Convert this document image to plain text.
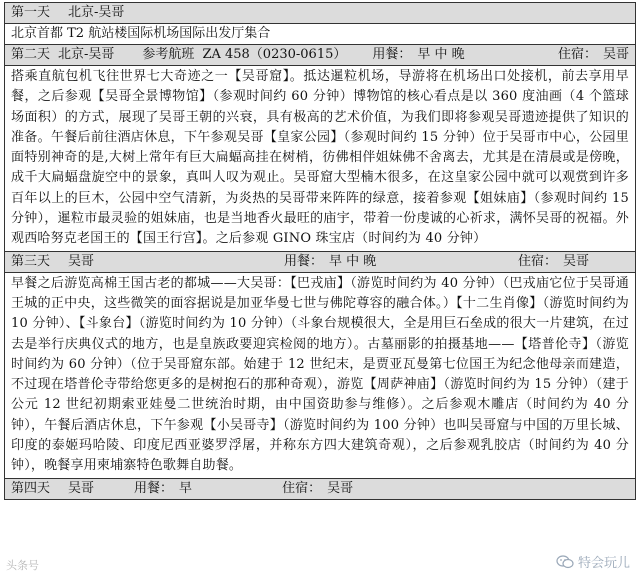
第一天 北京-吴哥
北京首都 T2 航站楼国际机场国际出发厅集合
第二天 北京-吴哥 参考航班 ZA 458（0230-0615） 用餐： 早 中 晚	住宿： 吴哥

搭乘直航包机飞往世界七大奇迹之一【吴哥窟】。抵达暹粒机场，导游将在机场出口处接机，前去享用早餐，之后参观【吴哥全景博物馆】（参观时间约 60 分钟）博物馆的核心看点是以 360 度油画（4 个篮球场面积）的方式，展现了吴哥王朝的兴衰，具有极高的艺术价值，为我们即将参观吴哥遗迹提供了知识的准备。午餐后前往酒店休息，下午参观吴哥【皇家公园】（参观时间约 15 分钟）位于吴哥市中心，公园里面特别神奇的是,大树上常年有巨大扁蝠高挂在树梢，彷佛相伴姐妹佛不舍离去，尤其是在清晨或是傍晚，成千大扁蝠盘旋空中的景象，真叫人叹为观止。吴哥窟大型楠木很多，在这皇家公园中就可以观赏到许多百年以上的巨木，公园中空气清新，为炎热的吴哥带来阵阵的绿意，接着参观【姐妹庙】（参观时间约 15 分钟），暹粒市最灵验的姐妹庙，也是当地香火最旺的庙宇，带着一份虔诚的心祈求，满怀吴哥的祝福。外观西哈努克老国王的【国王行宫】。之后参观 GINO 珠宝店（时间约为 40 分钟）

第三天 吴哥	用餐： 早 中 晚	住宿： 吴哥

早餐之后游览高棉王国古老的都城——大吴哥：【巴戎庙】（游览时间约为 40 分钟）（巴戎庙它位于吴哥通王城的正中央，这些微笑的面容据说是加亚华曼七世与佛陀尊容的融合体。）【十二生肖像】（游览时间约为 10 分钟）、【斗象台】（游览时间约为 10 分钟）（斗象台规模很大，全是用巨石垒成的很大一片建筑，在过去是举行庆典仪式的地方，也是皇族政要迎宾检阅的地方）。古墓丽影的拍摄基地——【塔普伦寺】（游览时间约为 60 分钟）（位于吴哥窟东部。始建于 12 世纪末，是贾亚瓦曼第七位国王为纪念他母亲而建造，不过现在塔普伦寺带给您更多的是树抱石的那种奇观），游览【周萨神庙】（游览时间约为 15 分钟）（建于公元 12 世纪初期索亚娃曼二世统治时期，由中国资助参与维修）。之后参观木雕店（时间约为 40 分钟），午餐后酒店休息，下午参观【小吴哥寺】（游览时间约为 100 分钟）也叫吴哥窟与中国的万里长城、印度的泰姬玛哈陵、印度尼西亚婆罗浮屠，并称东方四大建筑奇观），之后参观乳胶店（时间约为 40 分钟），晚餐享用柬埔寨特色歌舞自助餐。

第四天 吴哥	用餐： 早	住宿： 吴哥
头条号	特会玩儿
